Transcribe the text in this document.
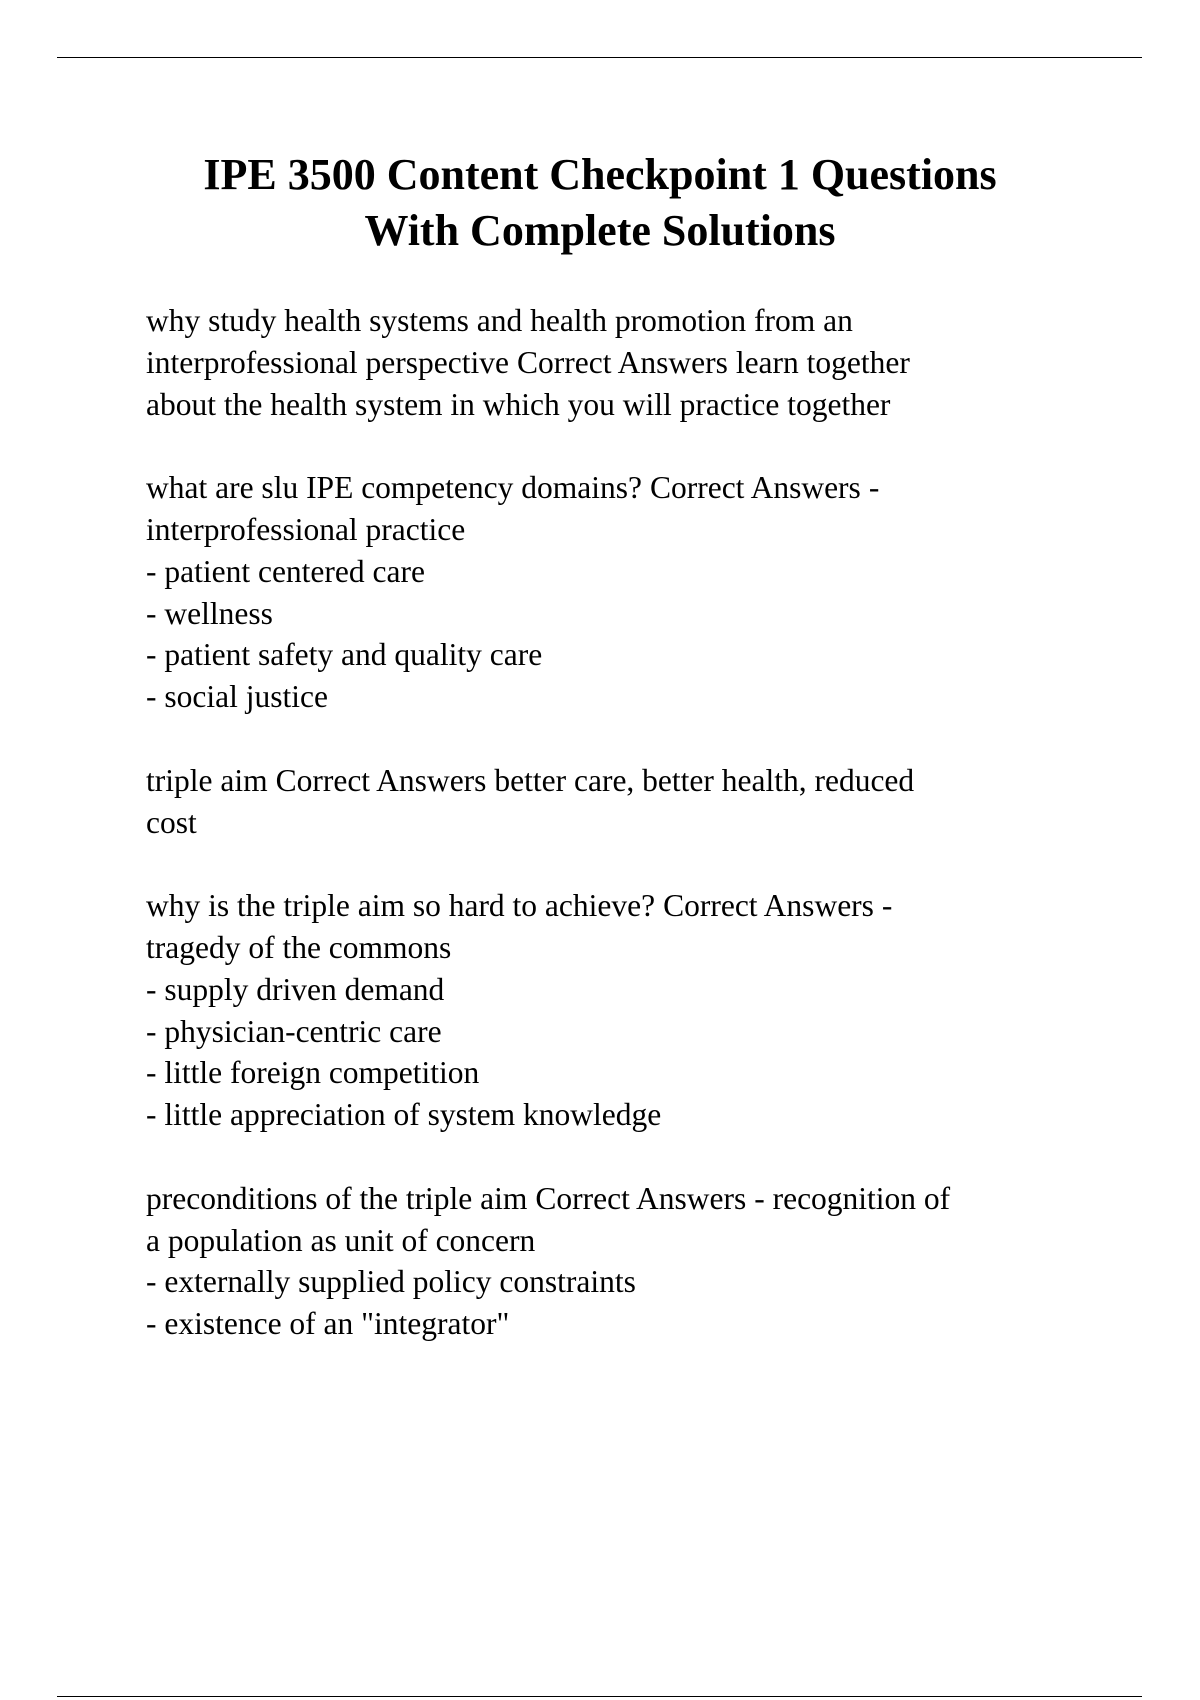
IPE 3500 Content Checkpoint 1 Questions
With Complete Solutions
why study health systems and health promotion from an
interprofessional perspective Correct Answers learn together
about the health system in which you will practice together
what are slu IPE competency domains? Correct Answers -
interprofessional practice
- patient centered care
- wellness
- patient safety and quality care
- social justice
triple aim Correct Answers better care, better health, reduced
cost
why is the triple aim so hard to achieve? Correct Answers -
tragedy of the commons
- supply driven demand
- physician-centric care
- little foreign competition
- little appreciation of system knowledge
preconditions of the triple aim Correct Answers - recognition of
a population as unit of concern
- externally supplied policy constraints
- existence of an "integrator"
